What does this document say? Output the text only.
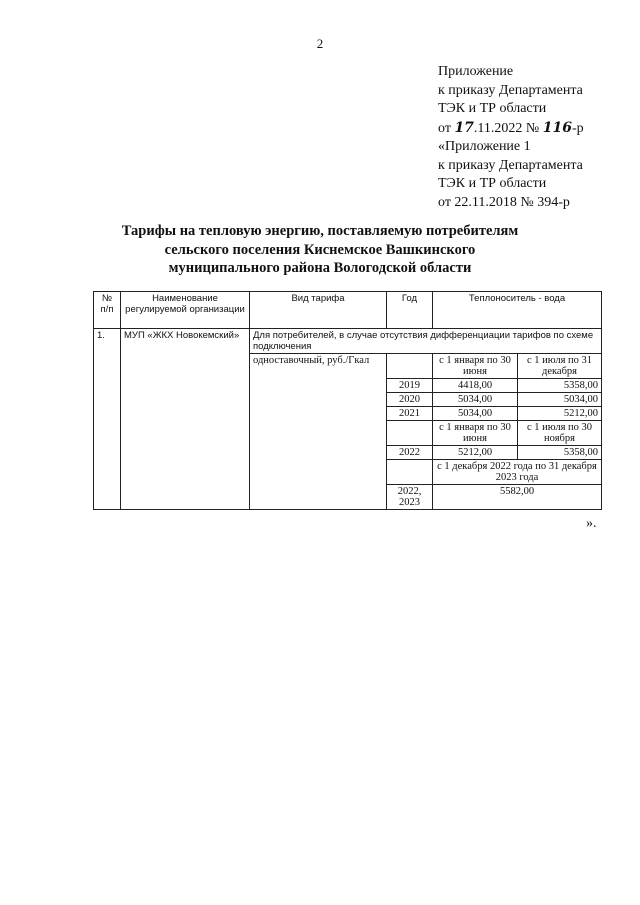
2
Приложение
к приказу Департамента
ТЭК и ТР области
от 17.11.2022 № 116-р
«Приложение 1
к приказу Департамента
ТЭК и ТР области
от 22.11.2018 № 394-р
Тарифы на тепловую энергию, поставляемую потребителям
сельского поселения Киснемское Вашкинского
муниципального района Вологодской области
№ п/п	Наименование регулируемой организации	Вид тарифа	Год	Теплоноситель - вода	
1.	МУП «ЖКХ Новокемский»	Для потребителей, в случае отсутствия дифференциации тарифов по схеме подключения			
		одноставочный, руб./Гкал		с 1 января по 30 июня	с 1 июля по 31 декабря
			2019	4418,00	5358,00
			2020	5034,00	5034,00
			2021	5034,00	5212,00
				с 1 января по 30 июня	с 1 июля по 30 ноября
			2022	5212,00	5358,00
				с 1 декабря 2022 года по 31 декабря 2023 года	
			2022, 2023	5582,00	
».
